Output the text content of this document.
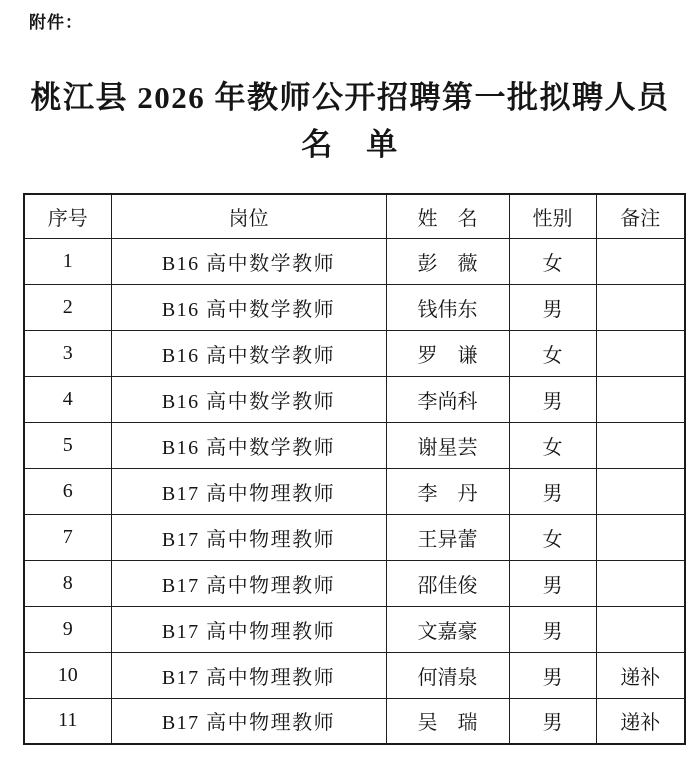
附件：
桃江县 2026 年教师公开招聘第一批拟聘人员
名　单
序号	岗位	姓　名	性别	备注
1	B16 高中数学教师	彭　薇	女	
2	B16 高中数学教师	钱伟东	男	
3	B16 高中数学教师	罗　谦	女	
4	B16 高中数学教师	李尚科	男	
5	B16 高中数学教师	谢星芸	女	
6	B17 高中物理教师	李　丹	男	
7	B17 高中物理教师	王异蕾	女	
8	B17 高中物理教师	邵佳俊	男	
9	B17 高中物理教师	文嘉豪	男	
10	B17 高中物理教师	何清泉	男	递补
11	B17 高中物理教师	吴　瑞	男	递补
